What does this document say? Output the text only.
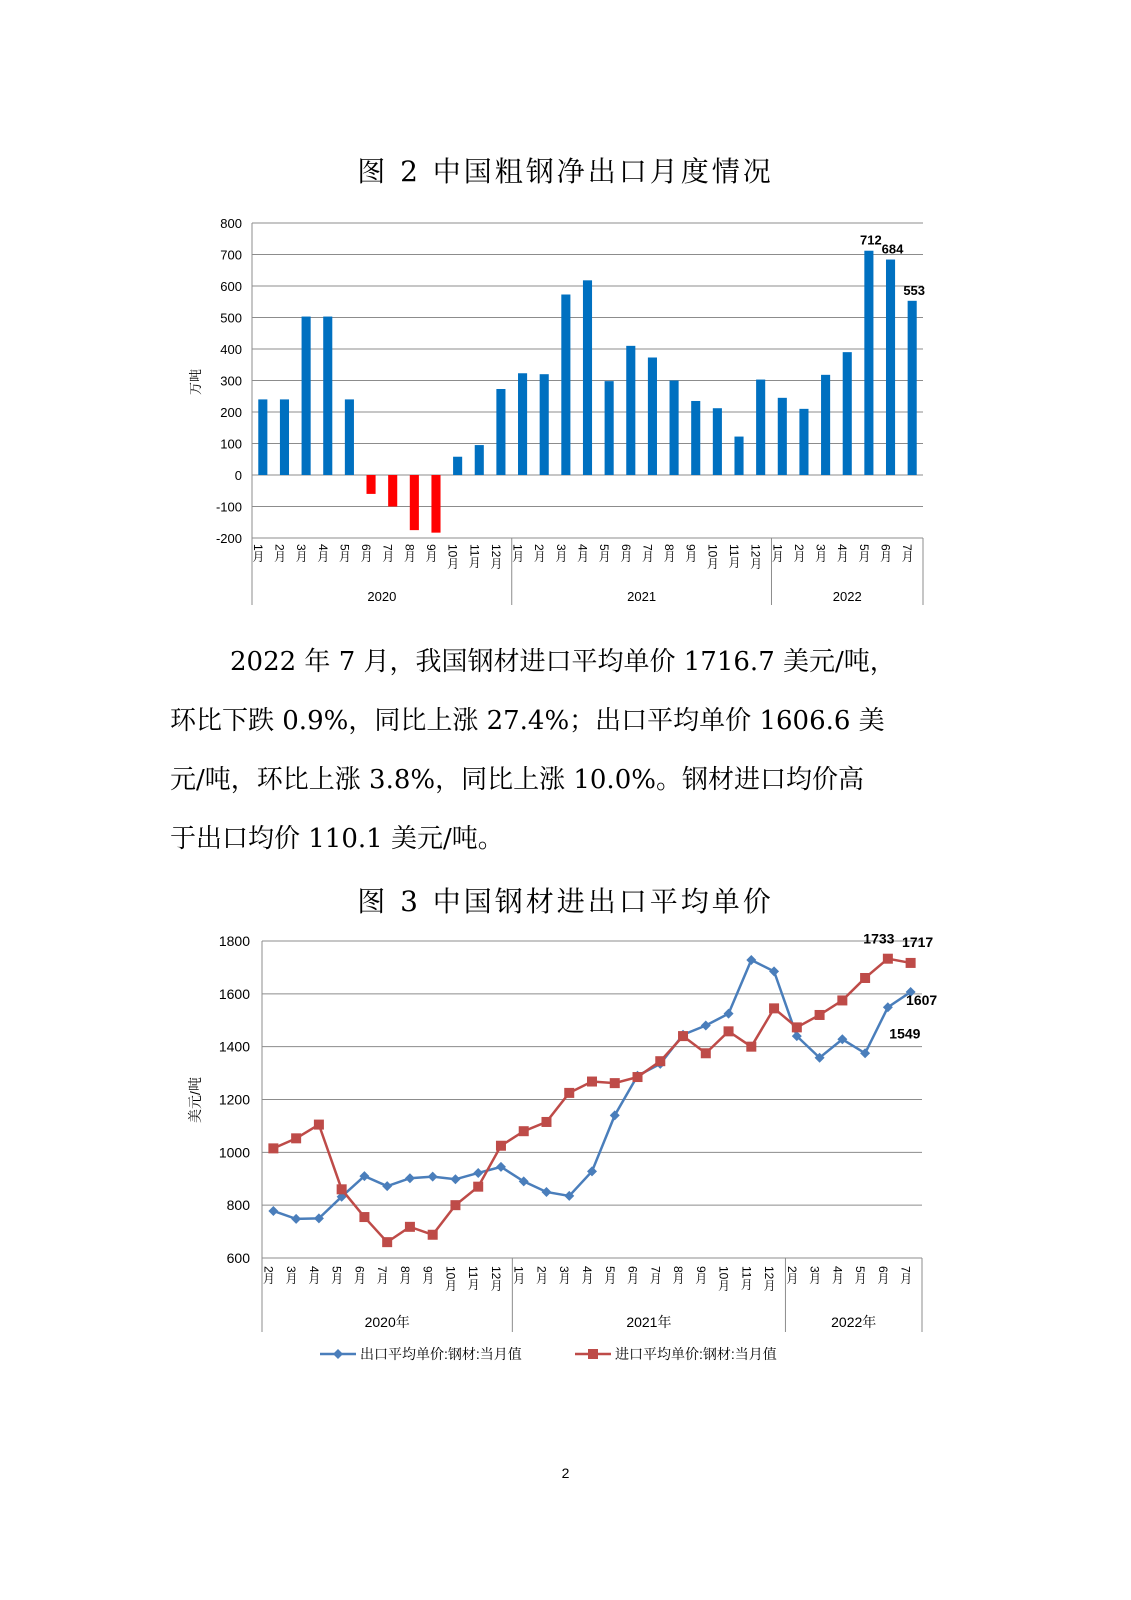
图 2 中国粗钢净出口月度情况
-200
-100
0
100
200
300
400
500
600
700
800
1月 2月 3月 4月 5月 6月 7月 8月 9月 10月 11月 12月 1月 2月 3月 4月 5月 6月 7月 8月 9月 10月 11月 12月 1月 2月 3月 4月 5月 6月 7月
712
684
553
2020	2021	2022
万吨
2022 年 7 月，我国钢材进口平均单价 1716.7 美元/吨，
环比下跌 0.9%，同比上涨 27.4%；出口平均单价 1606.6 美
元/吨，环比上涨 3.8%，同比上涨 10.0%。钢材进口均价高
于出口均价 110.1 美元/吨。
图 3 中国钢材进出口平均单价
600
800
1000
1200
1400
1600
1800
2月 3月 4月 5月 6月 7月 8月 9月 10月 11月 12月 1月 2月 3月 4月 5月 6月 7月 8月 9月 10月 11月 12月 2月 3月 4月 5月 6月 7月
2020年	2021年	2022年
1549
1607
1733 1717
美元/吨
出口平均单价:钢材:当月值	进口平均单价:钢材:当月值
2
